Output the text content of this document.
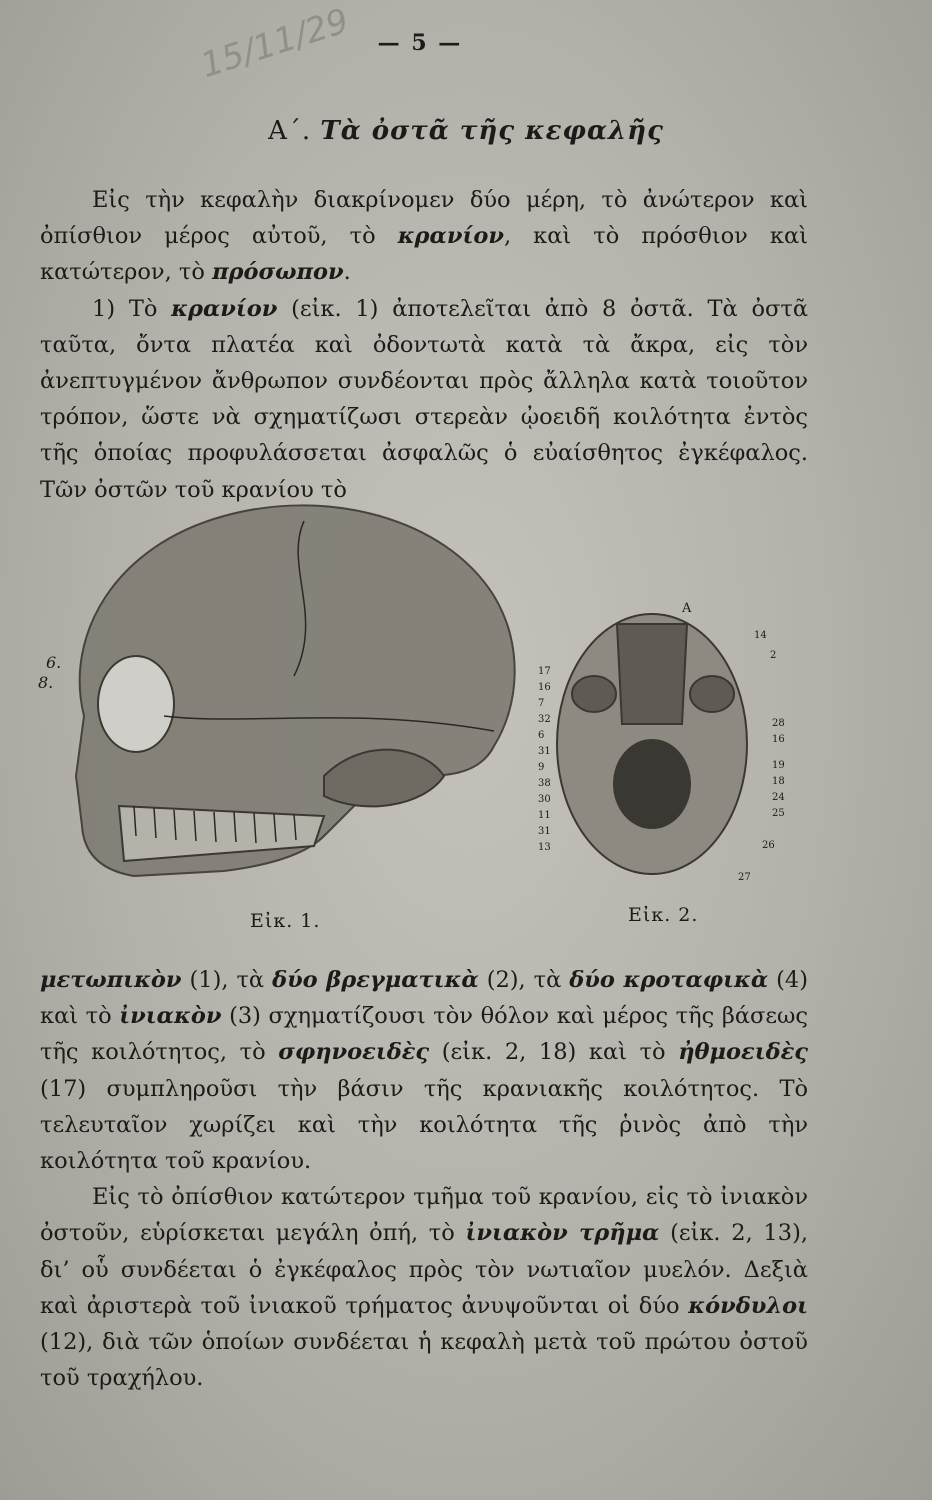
15/11/29	— 5 —
Α΄. Τὰ ὀστᾶ τῆς κεφαλῆς

Εἰς τὴν κεφαλὴν διακρίνομεν δύο μέρη, τὸ ἀνώτερον καὶ ὀπίσθιον μέρος αὐτοῦ, τὸ κρανίον, καὶ τὸ πρόσθιον καὶ κατώτερον, τὸ πρόσωπον.

1) Τὸ κρανίον (εἰκ. 1) ἀποτελεῖται ἀπὸ 8 ὀστᾶ. Τὰ ὀστᾶ ταῦτα, ὄντα πλατέα καὶ ὀδοντωτὰ κατὰ τὰ ἄκρα, εἰς τὸν ἀνεπτυγμένον ἄνθρωπον συνδέονται πρὸς ἄλληλα κατὰ τοιοῦτον τρόπον, ὥστε νὰ σχηματίζωσι στερεὰν ᾠοειδῆ κοιλότητα ἐντὸς τῆς ὁποίας προφυλάσσεται ἀσφαλῶς ὁ εὐαίσθητος ἐγκέφαλος. Τῶν ὀστῶν τοῦ κρανίου τὸ

6.
8.
A
17
16
7
32
6
31
9
38
30
11
31
13
14
2
28
16
19
18
24
25
26
27
Εἰκ. 1.	Εἰκ. 2.

μετωπικὸν (1), τὰ δύο βρεγματικὰ (2), τὰ δύο κροταφικὰ (4) καὶ τὸ ἰνιακὸν (3) σχηματίζουσι τὸν θόλον καὶ μέρος τῆς βάσεως τῆς κοιλότητος, τὸ σφηνοειδὲς (εἰκ. 2, 18) καὶ τὸ ἠθμοειδὲς (17) συμπληροῦσι τὴν βάσιν τῆς κρανιακῆς κοιλότητος. Τὸ τελευταῖον χωρίζει καὶ τὴν κοιλότητα τῆς ῥινὸς ἀπὸ τὴν κοιλότητα τοῦ κρανίου.

Εἰς τὸ ὀπίσθιον κατώτερον τμῆμα τοῦ κρανίου, εἰς τὸ ἰνιακὸν ὀστοῦν, εὑρίσκεται μεγάλη ὀπή, τὸ ἰνιακὸν τρῆμα (εἰκ. 2, 13), δι’ οὗ συνδέεται ὁ ἐγκέφαλος πρὸς τὸν νωτιαῖον μυελόν. Δεξιὰ καὶ ἀριστερὰ τοῦ ἰνιακοῦ τρήματος ἀνυψοῦνται οἱ δύο κόνδυλοι (12), διὰ τῶν ὁποίων συνδέεται ἡ κεφαλὴ μετὰ τοῦ πρώτου ὀστοῦ τοῦ τραχήλου.
